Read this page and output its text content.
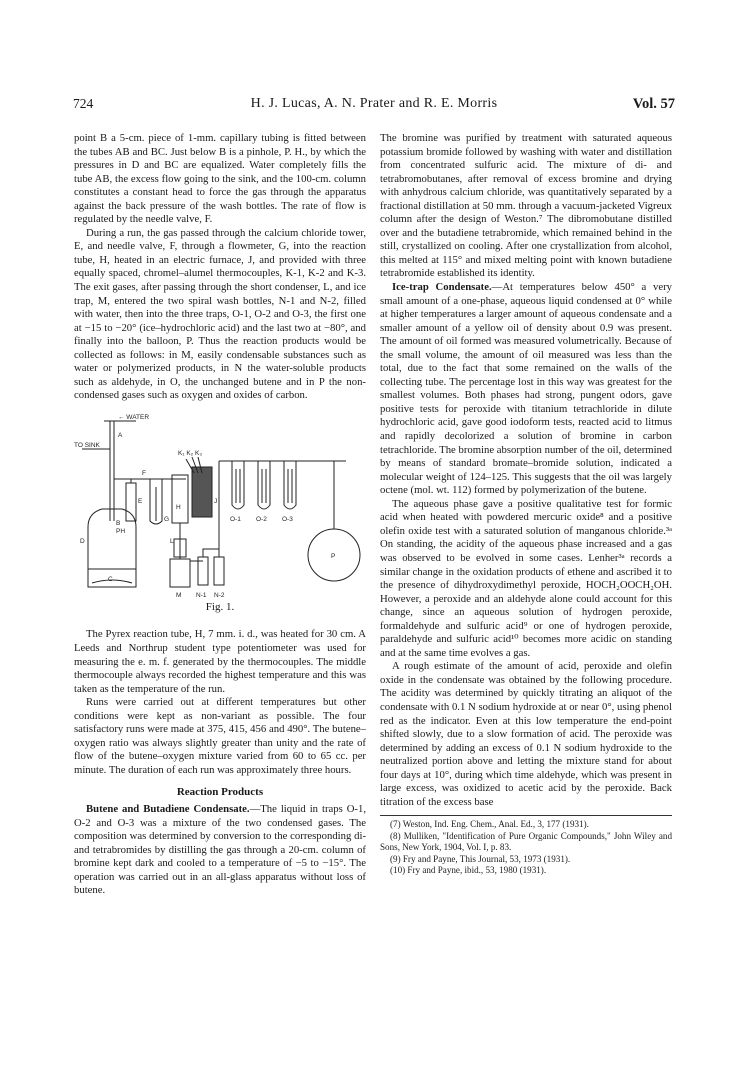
724	H. J. Lucas, A. N. Prater and R. E. Morris	Vol. 57

point B a 5-cm. piece of 1-mm. capillary tubing is fitted between the tubes AB and BC. Just below B is a pinhole, P. H., by which the pressures in D and BC are equalized. Water completely fills the tube AB, the excess flow going to the sink, and the 100-cm. column constitutes a constant head to force the gas through the apparatus against the back pressure of the wash bottles. The rate of flow is regulated by the needle valve, F.

During a run, the gas passed through the calcium chloride tower, E, and needle valve, F, through a flowmeter, G, into the reaction tube, H, heated in an electric furnace, J, and provided with three equally spaced, chromel–alumel thermocouples, K-1, K-2 and K-3. The exit gases, after passing through the short condenser, L, and ice trap, M, entered the two spiral wash bottles, N-1 and N-2, filled with water, then into the three traps, O-1, O-2 and O-3, the first one at −15 to −20° (ice–hydrochloric acid) and the last two at −80°, and finally into the balloon, P. Thus the reaction products would be collected as follows: in M, easily condensable substances such as water or polymerized products, in N the water-soluble products such as aldehyde, in O, the unchanged butene and in P the non-condensed gases such as oxygen and oxides of carbon.

← WATER
TO SINK
A
F
E
B
PH
G
D
C
H
J
K₁ K₂ K₃
L
M N-1 N-2
O-1 O-2 O-3
P

Fig. 1.

The Pyrex reaction tube, H, 7 mm. i. d., was heated for 30 cm. A Leeds and Northrup student type potentiometer was used for measuring the e. m. f. generated by the thermocouples. The middle thermocouple always recorded the highest temperature and this was taken as the temperature of the run.

Runs were carried out at different temperatures but other conditions were kept as non-variant as possible. The four satisfactory runs were made at 375, 415, 456 and 490°. The butene–oxygen ratio was always slightly greater than unity and the rate of flow of the butene–oxygen mixture varied from 60 to 65 cc. per minute. The duration of each run was approximately three hours.

Reaction Products

Butene and Butadiene Condensate.—The liquid in traps O-1, O-2 and O-3 was a mixture of the two condensed gases. The composition was determined by conversion to the corresponding di- and tetrabromides by distilling the gas through a 20-cm. column of bromine kept dark and cooled to a temperature of −5 to −15°. The operation was carried out in an all-glass apparatus without loss of butene.

The bromine was purified by treatment with saturated aqueous potassium bromide followed by washing with water and distillation from concentrated sulfuric acid. The mixture of di- and tetrabromobutanes, after removal of excess bromine and drying with anhydrous calcium chloride, was quantitatively separated by a fractional distillation at 50 mm. through a vacuum-jacketed Vigreux column after the design of Weston.⁷ The dibromobutane distilled over and the butadiene tetrabromide, which remained behind in the still, crystallized on cooling. After one crystallization from alcohol, this melted at 115° and mixed melting point with known butadiene tetrabromide established its identity.

Ice-trap Condensate.—At temperatures below 450° a very small amount of a one-phase, aqueous liquid condensed at 0° while at higher temperatures a larger amount of aqueous condensate and a smaller amount of a yellow oil of density about 0.9 was present. The amount of oil formed was measured volumetrically. Because of the small volume, the amount of oil measured was less than the total, due to the fact that some remained on the walls of the collecting tube. The percentage lost in this way was greatest for the smallest volumes. Both phases had strong, pungent odors, gave positive tests for peroxide with titanium tetrachloride in dilute hydrochloric acid, gave good iodoform tests, reacted acid to litmus and rapidly decolorized a solution of bromine in carbon tetrachloride. The bromine absorption number of the oil, determined by means of standard bromate–bromide solution, indicated a molecular weight of 124–125. This suggests that the oil was largely octene (mol. wt. 112) formed by polymerization of the butene.

The aqueous phase gave a positive qualitative test for formic acid when heated with powdered mercuric oxide⁸ and a positive olefin oxide test with a saturated solution of manganous chloride.³ᵃ On standing, the acidity of the aqueous phase increased and a gas was observed to be evolved in some cases. Lenher³ᵃ records a similar change in the oxidation products of ethene and ascribed it to the presence of dihydroxydimethyl peroxide, HOCH₂OOCH₂OH. However, a peroxide and an aldehyde alone could account for this change, since an aqueous solution of hydrogen peroxide, formaldehyde and sulfuric acid⁹ or one of hydrogen peroxide, paraldehyde and sulfuric acid¹⁰ becomes more acidic on standing and at the same time evolves a gas.

A rough estimate of the amount of acid, peroxide and olefin oxide in the condensate was obtained by the following procedure. The acidity was determined by quickly titrating an aliquot of the condensate with 0.1 N sodium hydroxide at or near 0°, using phenol red as the indicator. Even at this low temperature the end-point shifted slowly, due to a slow formation of acid. The peroxide was determined by adding an excess of 0.1 N sodium hydroxide to the neutralized portion above and letting the mixture stand for about four days at 10°, during which time aldehyde, which was present in large excess, was oxidized to acetic acid by the peroxide. Back titration of the excess base

(7) Weston, Ind. Eng. Chem., Anal. Ed., 3, 177 (1931).

(8) Mulliken, "Identification of Pure Organic Compounds," John Wiley and Sons, New York, 1904, Vol. I, p. 83.

(9) Fry and Payne, This Journal, 53, 1973 (1931).

(10) Fry and Payne, ibid., 53, 1980 (1931).
